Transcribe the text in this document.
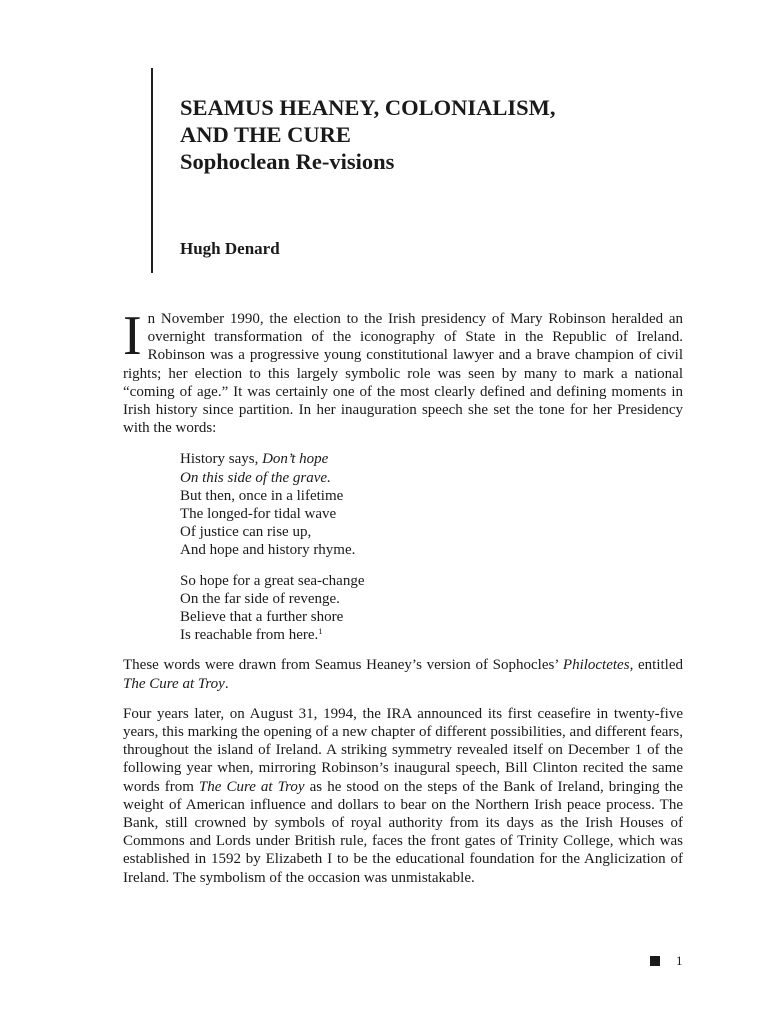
SEAMUS HEANEY, COLONIALISM,
AND THE CURE
Sophoclean Re-visions
Hugh Denard

In November 1990, the election to the Irish presidency of Mary Robinson heralded an overnight transformation of the iconography of State in the Republic of Ireland. Robinson was a progressive young constitutional lawyer and a brave champion of civil rights; her election to this largely symbolic role was seen by many to mark a national “coming of age.” It was certainly one of the most clearly defined and defining moments in Irish history since partition. In her inauguration speech she set the tone for her Presidency with the words:

History says, Don’t hope
On this side of the grave.
But then, once in a lifetime
The longed-for tidal wave
Of justice can rise up,
And hope and history rhyme.
So hope for a great sea-change
On the far side of revenge.
Believe that a further shore
Is reachable from here.$^1$

These words were drawn from Seamus Heaney’s version of Sophocles’ Philoctetes, entitled The Cure at Troy.

Four years later, on August 31, 1994, the IRA announced its first ceasefire in twenty-five years, this marking the opening of a new chapter of different possibilities, and different fears, throughout the island of Ireland. A striking symmetry revealed itself on December 1 of the following year when, mirroring Robinson’s inaugural speech, Bill Clinton recited the same words from The Cure at Troy as he stood on the steps of the Bank of Ireland, bringing the weight of American influence and dollars to bear on the Northern Irish peace process. The Bank, still crowned by symbols of royal authority from its days as the Irish Houses of Commons and Lords under British rule, faces the front gates of Trinity College, which was established in 1592 by Elizabeth I to be the educational foundation for the Anglicization of Ireland. The symbolism of the occasion was unmistakable.

1
